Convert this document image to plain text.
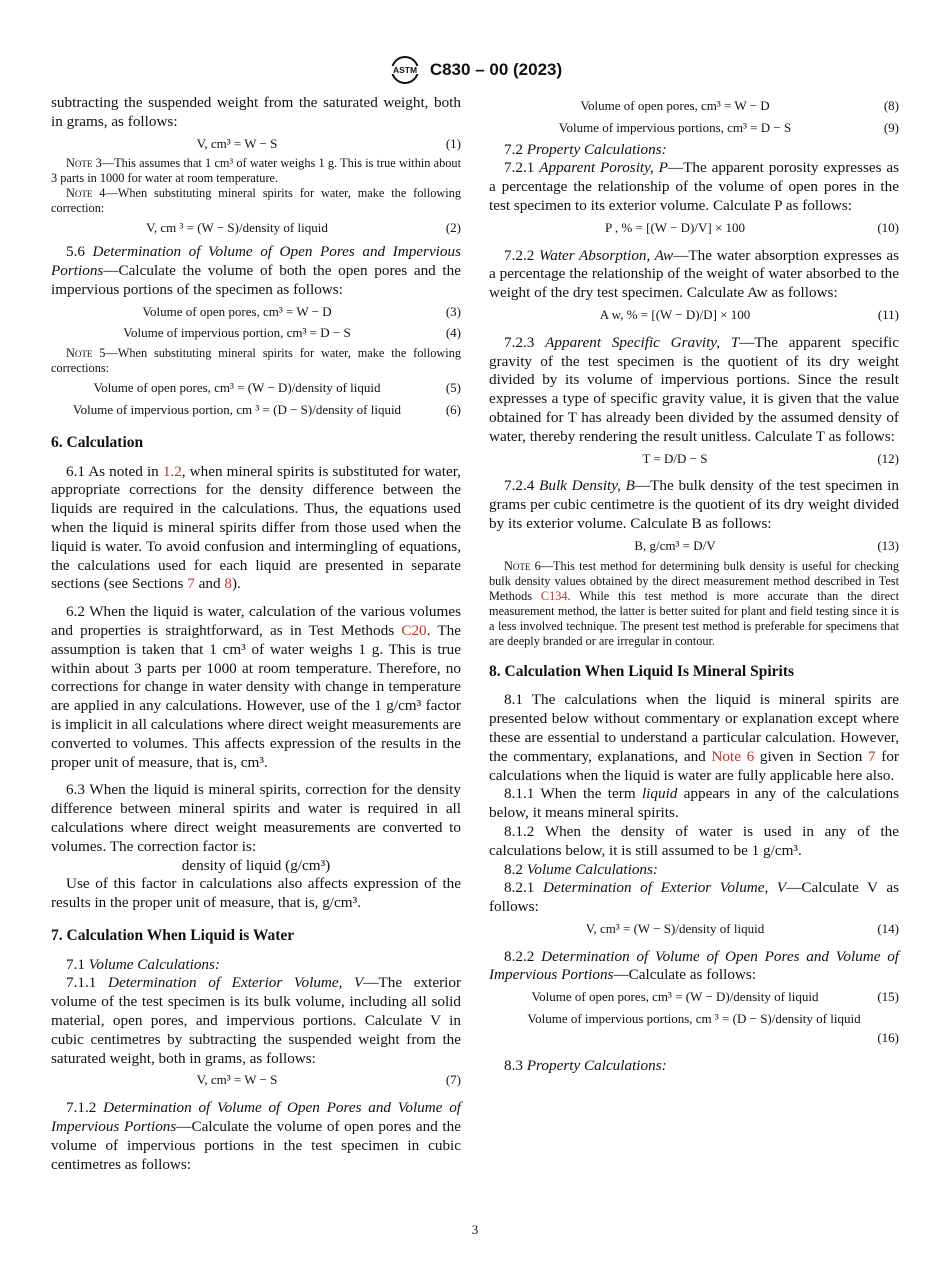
ASTM C830 – 00 (2023)

subtracting the suspended weight from the saturated weight, both in grams, as follows:

V, cm³ = W − S	(1)

Note 3—This assumes that 1 cm³ of water weighs 1 g. This is true within about 3 parts in 1000 for water at room temperature.

Note 4—When substituting mineral spirits for water, make the following correction:

V, cm ³ = (W − S)/density of liquid	(2)

5.6 Determination of Volume of Open Pores and Impervious Portions—Calculate the volume of both the open pores and the impervious portions of the specimen as follows:

Volume of open pores, cm³ = W − D	(3)
Volume of impervious portion, cm³ = D − S	(4)

Note 5—When substituting mineral spirits for water, make the following corrections:

Volume of open pores, cm³ = (W − D)/density of liquid	(5)
Volume of impervious portion, cm ³ = (D − S)/density of liquid	(6)
6. Calculation

6.1 As noted in 1.2, when mineral spirits is substituted for water, appropriate corrections for the density difference between the liquids are required in the calculations. Thus, the equations used when the liquid is mineral spirits differ from those used when the liquid is water. To avoid confusion and intermingling of equations, the calculations used for each liquid are presented in separate sections (see Sections 7 and 8).

6.2 When the liquid is water, calculation of the various volumes and properties is straightforward, as in Test Methods C20. The assumption is taken that 1 cm³ of water weighs 1 g. This is true within about 3 parts per 1000 at room temperature. Therefore, no corrections for change in water density with change in temperature are applied in any calculations. However, use of the 1 g/cm³ factor is implicit in all calculations where direct weight measurements are converted to volumes. This affects expression of the results in the proper unit of measure, that is, cm³.

6.3 When the liquid is mineral spirits, correction for the density difference between mineral spirits and water is required in all calculations where direct weight measurements are converted to volumes. The correction factor is:

density of liquid (g/cm³)

Use of this factor in calculations also affects expression of the results in the proper unit of measure, that is, g/cm³.

7. Calculation When Liquid is Water

7.1 Volume Calculations:

7.1.1 Determination of Exterior Volume, V—The exterior volume of the test specimen is its bulk volume, including all solid material, open pores, and impervious portions. Calculate V in cubic centimetres by subtracting the suspended weight from the saturated weight, both in grams, as follows:

V, cm³ = W − S	(7)

7.1.2 Determination of Volume of Open Pores and Volume of Impervious Portions—Calculate the volume of open pores and the volume of impervious portions in the test specimen in cubic centimetres as follows:

Volume of open pores, cm³ = W − D	(8)
Volume of impervious portions, cm³ = D − S	(9)

7.2 Property Calculations:

7.2.1 Apparent Porosity, P—The apparent porosity expresses as a percentage the relationship of the volume of open pores in the test specimen to its exterior volume. Calculate P as follows:

P , % = [(W − D)/V] × 100	(10)

7.2.2 Water Absorption, Aw—The water absorption expresses as a percentage the relationship of the weight of water absorbed to the weight of the dry test specimen. Calculate Aw as follows:

A w, % = [(W − D)/D] × 100	(11)

7.2.3 Apparent Specific Gravity, T—The apparent specific gravity of the test specimen is the quotient of its dry weight divided by its volume of impervious portions. Since the result expresses a type of specific gravity value, it is given that the value obtained for T has already been divided by the assumed density of water, thereby rendering the result unitless. Calculate T as follows:

T = D/D − S	(12)

7.2.4 Bulk Density, B—The bulk density of the test specimen in grams per cubic centimetre is the quotient of its dry weight divided by its exterior volume. Calculate B as follows:

B, g/cm³ = D/V	(13)

Note 6—This test method for determining bulk density is useful for checking bulk density values obtained by the direct measurement method described in Test Methods C134. While this test method is more accurate than the direct measurement method, the latter is better suited for plant and field testing since it is a less involved technique. The present test method is preferable for specimens that are deeply branded or are irregular in contour.

8. Calculation When Liquid Is Mineral Spirits

8.1 The calculations when the liquid is mineral spirits are presented below without commentary or explanation except where these are essential to understand a particular calculation. However, the commentary, explanations, and Note 6 given in Section 7 for calculations when the liquid is water are fully applicable here also.

8.1.1 When the term liquid appears in any of the calculations below, it means mineral spirits.

8.1.2 When the density of water is used in any of the calculations below, it is still assumed to be 1 g/cm³.

8.2 Volume Calculations:

8.2.1 Determination of Exterior Volume, V—Calculate V as follows:

V, cm³ = (W − S)/density of liquid	(14)

8.2.2 Determination of Volume of Open Pores and Volume of Impervious Portions—Calculate as follows:

Volume of open pores, cm³ = (W − D)/density of liquid	(15)
Volume of impervious portions, cm ³ = (D − S)/density of liquid
(16)

8.3 Property Calculations:

3
